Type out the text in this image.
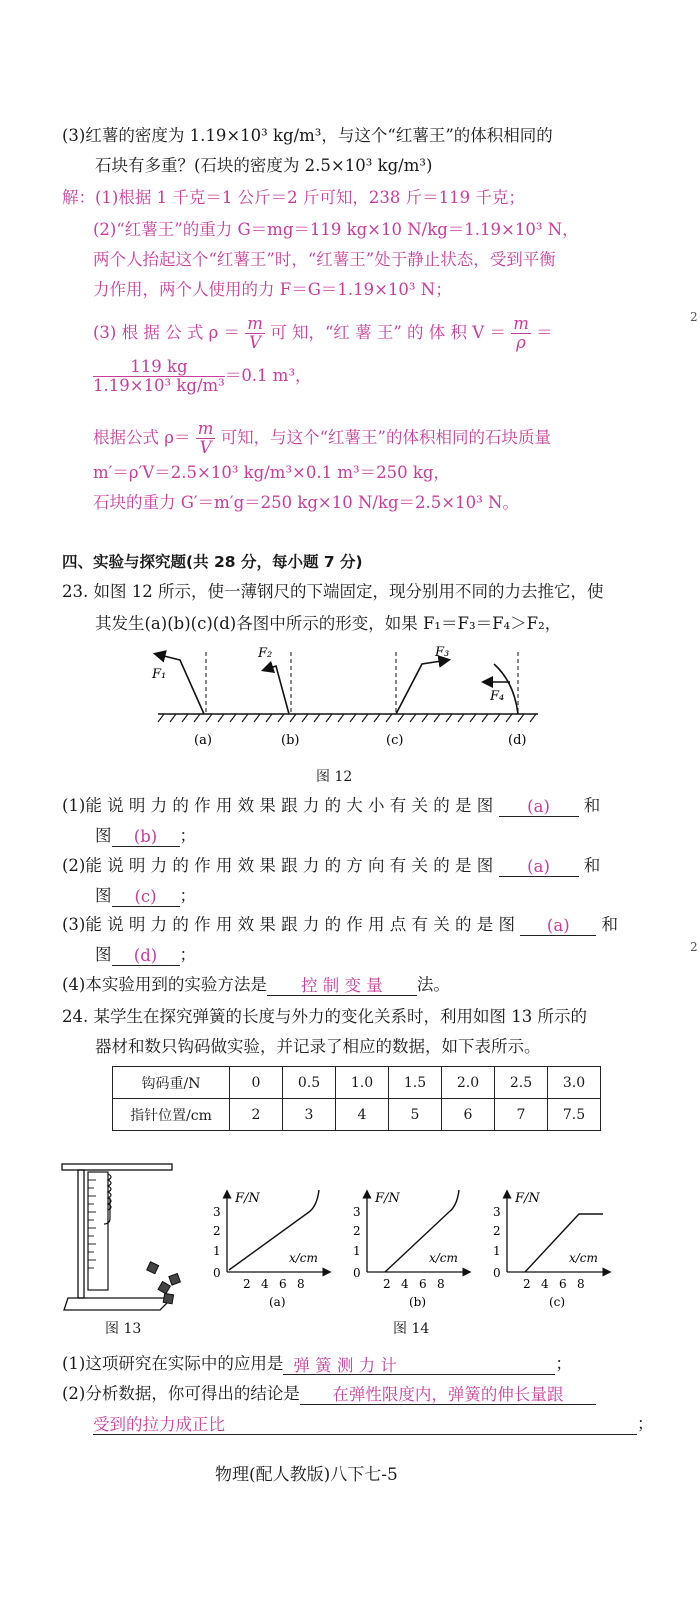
(3)红薯的密度为 1.19×10³ kg/m³，与这个“红薯王”的体积相同的
石块有多重？(石块的密度为 2.5×10³ kg/m³)
解：(1)根据 1 千克＝1 公斤＝2 斤可知，238 斤＝119 千克；
(2)“红薯王”的重力 G＝mg＝119 kg×10 N/kg＝1.19×10³ N，
两个人抬起这个“红薯王”时，“红薯王”处于静止状态，受到平衡
力作用，两个人使用的力 F＝G＝1.19×10³ N；
(3) 根 据 公 式 $\rho = \frac{m}{V}$ 可 知，“红 薯 王” 的 体 积 $V = \frac{m}{\rho}$ ＝
$\frac{119 kg}{\text{1.19×10³ kg/m³}} =0.1$ m³，
根据公式 $\rho= \frac{m}{V}$ 可知，与这个“红薯王”的体积相同的石块质量
m′＝ρ′V＝2.5×10³ kg/m³×0.1 m³＝250 kg，
石块的重力 G′＝m′g＝250 kg×10 N/kg＝2.5×10³ N。
四、实验与探究题(共 28 分，每小题 7 分)
23. 如图 12 所示，使一薄钢尺的下端固定，现分别用不同的力去推它，使
其发生(a)(b)(c)(d)各图中所示的形变，如果 F₁＝F₃＝F₄＞F₂，
F₁
(a)
F₂
(b)
F₃
(c)
F₄
(d)
图 12
(1)能 说 明 力 的 作 用 效 果 跟 力 的 大 小 有 关 的 是 图 (a) 和
图 (b) ；
(2)能 说 明 力 的 作 用 效 果 跟 力 的 方 向 有 关 的 是 图 (a) 和
图 (c) ；
(3)能 说 明 力 的 作 用 效 果 跟 力 的 作 用 点 有 关 的 是 图 (a) 和
图 (d) ；
(4)本实验用到的实验方法是 控 制 变 量 法。
24. 某学生在探究弹簧的长度与外力的变化关系时，利用如图 13 所示的
器材和数只钩码做实验，并记录了相应的数据，如下表所示。
钩码重/N	0	0.5	1.0	1.5	2.0	2.5	3.0
指针位置/cm	2	3	4	5	6	7	7.5
图 13
F/N
3
2
1
0
2 4 6 8
x/cm
(a)
F/N
3
2
1
0
2 4 6 8
x/cm
(b)
F/N
3
2
1
0
2 4 6 8
x/cm
(c)
图 14
(1)这项研究在实际中的应用是 弹 簧 测 力 计	；
(2)分析数据，你可得出的结论是 在弹性限度内，弹簧的伸长量跟
受到的拉力成正比	；
物理(配人教版)八下七-5
2
2
